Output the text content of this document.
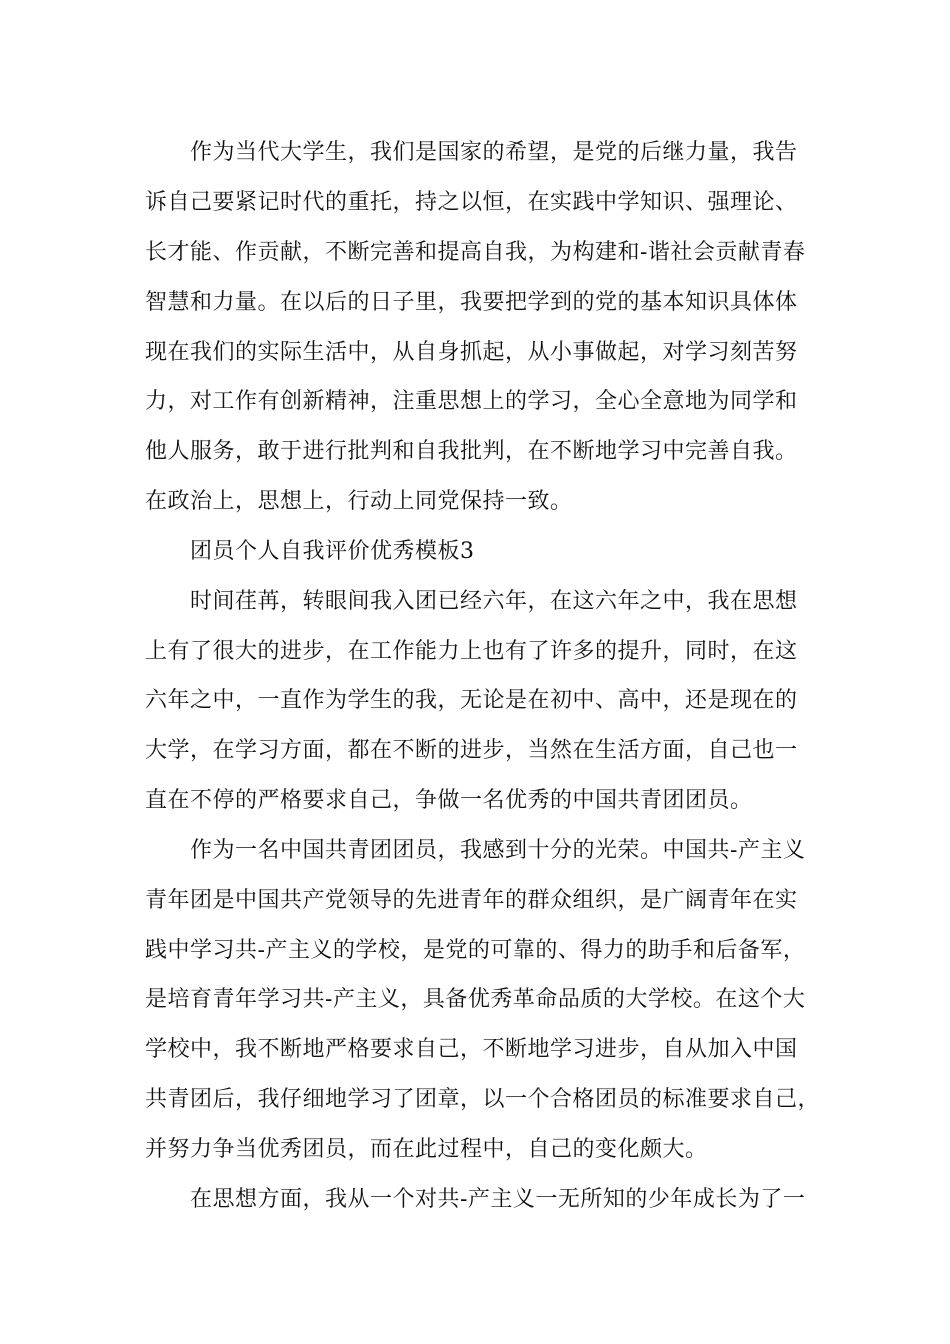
作为当代大学生，我们是国家的希望，是党的后继力量，我告
诉自己要紧记时代的重托，持之以恒，在实践中学知识、强理论、
长才能、作贡献，不断完善和提高自我，为构建和-谐社会贡献青春
智慧和力量。在以后的日子里，我要把学到的党的基本知识具体体
现在我们的实际生活中，从自身抓起，从小事做起，对学习刻苦努
力，对工作有创新精神，注重思想上的学习，全心全意地为同学和
他人服务，敢于进行批判和自我批判，在不断地学习中完善自我。
在政治上，思想上，行动上同党保持一致。
团员个人自我评价优秀模板3
时间荏苒，转眼间我入团已经六年，在这六年之中，我在思想
上有了很大的进步，在工作能力上也有了许多的提升，同时，在这
六年之中，一直作为学生的我，无论是在初中、高中，还是现在的
大学，在学习方面，都在不断的进步，当然在生活方面，自己也一
直在不停的严格要求自己，争做一名优秀的中国共青团团员。
作为一名中国共青团团员，我感到十分的光荣。中国共-产主义
青年团是中国共产党领导的先进青年的群众组织，是广阔青年在实
践中学习共-产主义的学校，是党的可靠的、得力的助手和后备军，
是培育青年学习共-产主义，具备优秀革命品质的大学校。在这个大
学校中，我不断地严格要求自己，不断地学习进步，自从加入中国
共青团后，我仔细地学习了团章，以一个合格团员的标准要求自己，
并努力争当优秀团员，而在此过程中，自己的变化颇大。
在思想方面，我从一个对共-产主义一无所知的少年成长为了一
